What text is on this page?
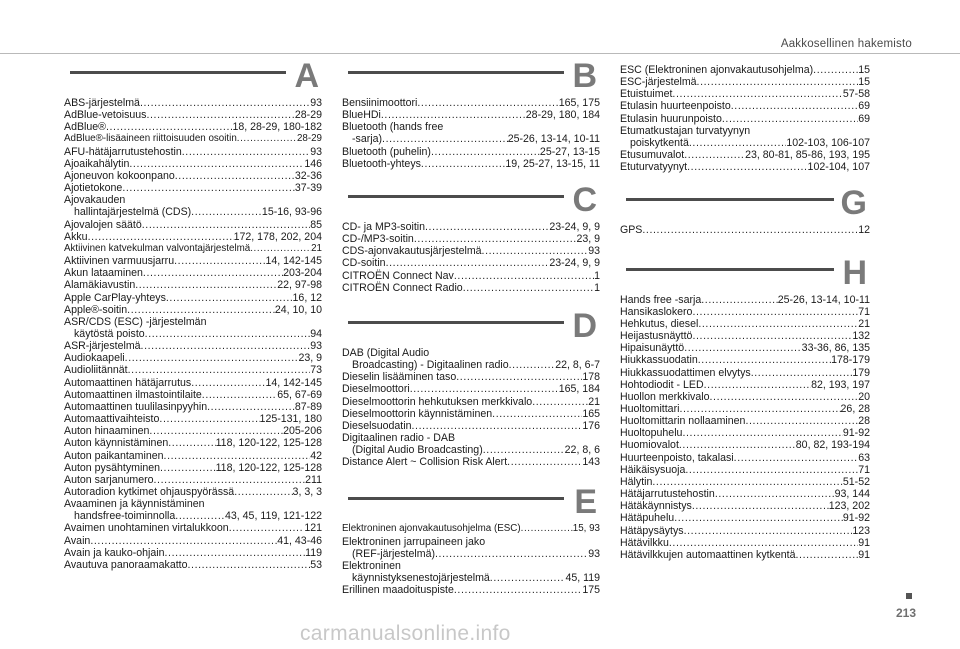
Aakkosellinen hakemisto
A
ABS-järjestelmä .....	93
AdBlue-vetoisuus .....	28-29
AdBlue® .....	18, 28-29, 180-182
AdBlue®-lisäaineen riittoisuuden osoitin .....	28-29
AFU-hätäjarrutustehostin .....	93
Ajoaikahälytin .....	146
Ajoneuvon kokoonpano .....	32-36
Ajotietokone .....	37-39
Ajovakauden
hallintajärjestelmä (CDS) .....	15-16, 93-96
Ajovalojen säätö .....	85
Akku .....	172, 178, 202, 204
Aktiivinen katvekulman valvontajärjestelmä .....	21
Aktiivinen varmuusjarru .....	14, 142-145
Akun lataaminen .....	203-204
Alamäkiavustin .....	22, 97-98
Apple CarPlay-yhteys .....	16, 12
Apple®-soitin .....	24, 10, 10
ASR/CDS (ESC) -järjestelmän
käytöstä poisto .....	94
ASR-järjestelmä .....	93
Audiokaapeli .....	23, 9
Audioliitännät .....	73
Automaattinen hätäjarrutus .....	14, 142-145
Automaattinen ilmastointilaite .....	65, 67-69
Automaattinen tuulilasinpyyhin .....	87-89
Automaattivaihteisto .....	125-131, 180
Auton hinaaminen .....	205-206
Auton käynnistäminen .....	118, 120-122, 125-128
Auton paikantaminen .....	42
Auton pysähtyminen .....	118, 120-122, 125-128
Auton sarjanumero .....	211
Autoradion kytkimet ohjauspyörässä .....	3, 3, 3
Avaaminen ja käynnistäminen
handsfree-toiminnolla .....	43, 45, 119, 121-122
Avaimen unohtaminen virtalukkoon .....	121
Avain .....	41, 43-46
Avain ja kauko-ohjain .....	119
Avautuva panoraamakatto .....	53
B
Bensiinimoottori .....	165, 175
BlueHDi .....	28-29, 180, 184
Bluetooth (hands free
-sarja) .....	25-26, 13-14, 10-11
Bluetooth (puhelin) .....	25-27, 13-15
Bluetooth-yhteys .....	19, 25-27, 13-15, 11
C
CD- ja MP3-soitin .....	23-24, 9, 9
CD-/MP3-soitin .....	23, 9
CDS-ajonvakautusjärjestelmä .....	93
CD-soitin .....	23-24, 9, 9
CITROËN Connect Nav .....	1
CITROËN Connect Radio .....	1
D
DAB (Digital Audio
Broadcasting) - Digitaalinen radio .....	22, 8, 6-7
Dieselin lisääminen taso .....	178
Dieselmoottori .....	165, 184
Dieselmoottorin hehkutuksen merkkivalo .....	21
Dieselmoottorin käynnistäminen .....	165
Dieselsuodatin .....	176
Digitaalinen radio - DAB
(Digital Audio Broadcasting) .....	22, 8, 6
Distance Alert ~ Collision Risk Alert .....	143
E
Elektroninen ajonvakautusohjelma (ESC) .....	15, 93
Elektroninen jarrupaineen jako
(REF-järjestelmä) .....	93
Elektroninen
käynnistyksenestojärjestelmä .....	45, 119
Erillinen maadoituspiste .....	175
ESC (Elektroninen ajonvakautusohjelma) .....	15
ESC-järjestelmä .....	15
Etuistuimet .....	57-58
Etulasin huurteenpoisto .....	69
Etulasin huurunpoisto .....	69
Etumatkustajan turvatyynyn
poiskytkentä .....	102-103, 106-107
Etusumuvalot .....	23, 80-81, 85-86, 193, 195
Etuturvatyynyt .....	102-104, 107
G
GPS .....	12
H
Hands free -sarja .....	25-26, 13-14, 10-11
Hansikaslokero .....	71
Hehkutus, diesel .....	21
Heijastusnäyttö .....	132
Hipaisunäyttö .....	33-36, 86, 135
Hiukkassuodatin .....	178-179
Hiukkassuodattimen elvytys .....	179
Hohtodiodit - LED .....	82, 193, 197
Huollon merkkivalo .....	20
Huoltomittari .....	26, 28
Huoltomittarin nollaaminen .....	28
Huoltopuhelu .....	91-92
Huomiovalot .....	80, 82, 193-194
Huurteenpoisto, takalasi .....	63
Häikäisysuoja .....	71
Hälytin .....	51-52
Hätäjarrutustehostin .....	93, 144
Hätäkäynnistys .....	123, 202
Hätäpuhelu .....	91-92
Hätäpysäytys .....	123
Hätävilkku .....	91
Hätävilkkujen automaattinen kytkentä .....	91
213
carmanualsonline.info
